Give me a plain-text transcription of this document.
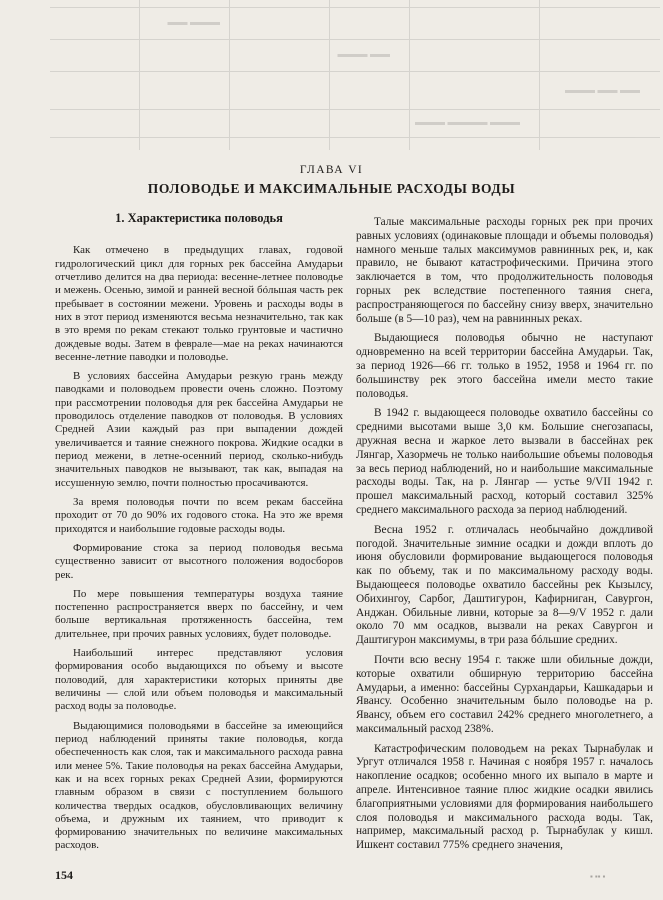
▬▬▬ ▬▬▬▬ ▬▬▬
▬▬ ▬▬ ▬▬▬
▬▬ ▬▬▬
▬▬▬ ▬▬
ГЛАВА VI
ПОЛОВОДЬЕ И МАКСИМАЛЬНЫЕ РАСХОДЫ ВОДЫ
1. Характеристика половодья

Как отмечено в предыдущих главах, годовой гидрологический цикл для горных рек бассейна Амударьи отчетливо делится на два периода: весенне-летнее половодье и межень. Осенью, зимой и ранней весной бóльшая часть рек пребывает в состоянии межени. Уровень и расходы воды в них в этот период изменяются весьма незначительно, так как в это время по рекам стекают только грунтовые и частично дождевые воды. Затем в феврале—мае на реках начинаются весенне-летние паводки и половодье.

В условиях бассейна Амударьи резкую грань между паводками и половодьем провести очень сложно. Поэтому при рассмотрении половодья для рек бассейна Амударьи не проводилось отделение паводков от половодья. В условиях Средней Азии каждый раз при выпадении дождей увеличивается и таяние снежного покрова. Жидкие осадки в период межени, в летне-осенний период, сколько-нибудь значительных паводков не вызывают, так как, выпадая на иссушенную землю, почти полностью просачиваются.

За время половодья почти по всем рекам бассейна проходит от 70 до 90% их годового стока. На это же время приходятся и наибольшие годовые расходы воды.

Формирование стока за период половодья весьма существенно зависит от высотного положения водосборов рек.

По мере повышения температуры воздуха таяние постепенно распространяется вверх по бассейну, и чем больше вертикальная протяженность бассейна, тем длительнее, при прочих равных условиях, будет половодье.

Наибольший интерес представляют условия формирования особо выдающихся по объему и высоте половодий, для характеристики которых приняты две величины — слой или объем половодья и максимальный расход воды за половодье.

Выдающимися половодьями в бассейне за имеющийся период наблюдений приняты такие половодья, когда обеспеченность как слоя, так и максимального расхода равна или менее 5%. Такие половодья на реках бассейна Амударьи, как и на всех горных реках Средней Азии, формируются главным образом в связи с поступлением большого количества твердых осадков, обусловливающих величину объема, и дружным их таянием, что приводит к формированию значительных по величине максимальных расходов.

Талые максимальные расходы горных рек при прочих равных условиях (одинаковые площади и объемы половодья) намного меньше талых максимумов равнинных рек, и, как правило, не бывают катастрофическими. Причина этого заключается в том, что продолжительность половодья горных рек вследствие постепенного таяния снега, распространяющегося по бассейну снизу вверх, значительно больше (в 5—10 раз), чем на равнинных реках.

Выдающиеся половодья обычно не наступают одновременно на всей территории бассейна Амударьи. Так, за период 1926—66 гг. только в 1952, 1958 и 1964 гг. по большинству рек этого бассейна имели место такие половодья.

В 1942 г. выдающееся половодье охватило бассейны со средними высотами выше 3,0 км. Большие снегозапасы, дружная весна и жаркое лето вызвали в бассейнах рек Лянгар, Хазормечь не только наибольшие объемы половодья за весь период наблюдений, но и наибольшие максимальные расходы воды. Так, на р. Лянгар — устье 9/VII 1942 г. прошел максимальный расход, который составил 325% среднего максимального расхода за период наблюдений.

Весна 1952 г. отличалась необычайно дождливой погодой. Значительные зимние осадки и дожди вплоть до июня обусловили формирование выдающегося половодья как по объему, так и по максимальному расходу воды. Выдающееся половодье охватило бассейны рек Кызылсу, Обихингоу, Сарбог, Даштигурон, Кафирниган, Савургон, Анджан. Обильные ливни, которые за 8—9/V 1952 г. дали около 70 мм осадков, вызвали на реках Савургон и Даштигурон максимумы, в три раза бóльшие средних.

Почти всю весну 1954 г. также шли обильные дожди, которые охватили обширную территорию бассейна Амударьи, а именно: бассейны Сурхандарьи, Кашкадарьи и Явансу. Особенно значительным было половодье на р. Явансу, объем его составил 242% среднего многолетнего, а максимальный расход 238%.

Катастрофическим половодьем на реках Тырнабулак и Ургут отличался 1958 г. Начиная с ноября 1957 г. началось накопление осадков; особенно много их выпало в марте и апреле. Интенсивное таяние плюс жидкие осадки явились благоприятными условиями для формирования наибольшего слоя половодья и максимального расхода воды. Так, например, максимальный расход р. Тырнабулак у кишл. Ишкент составил 775% среднего значения,

154	▪ ▪▪ ▪
